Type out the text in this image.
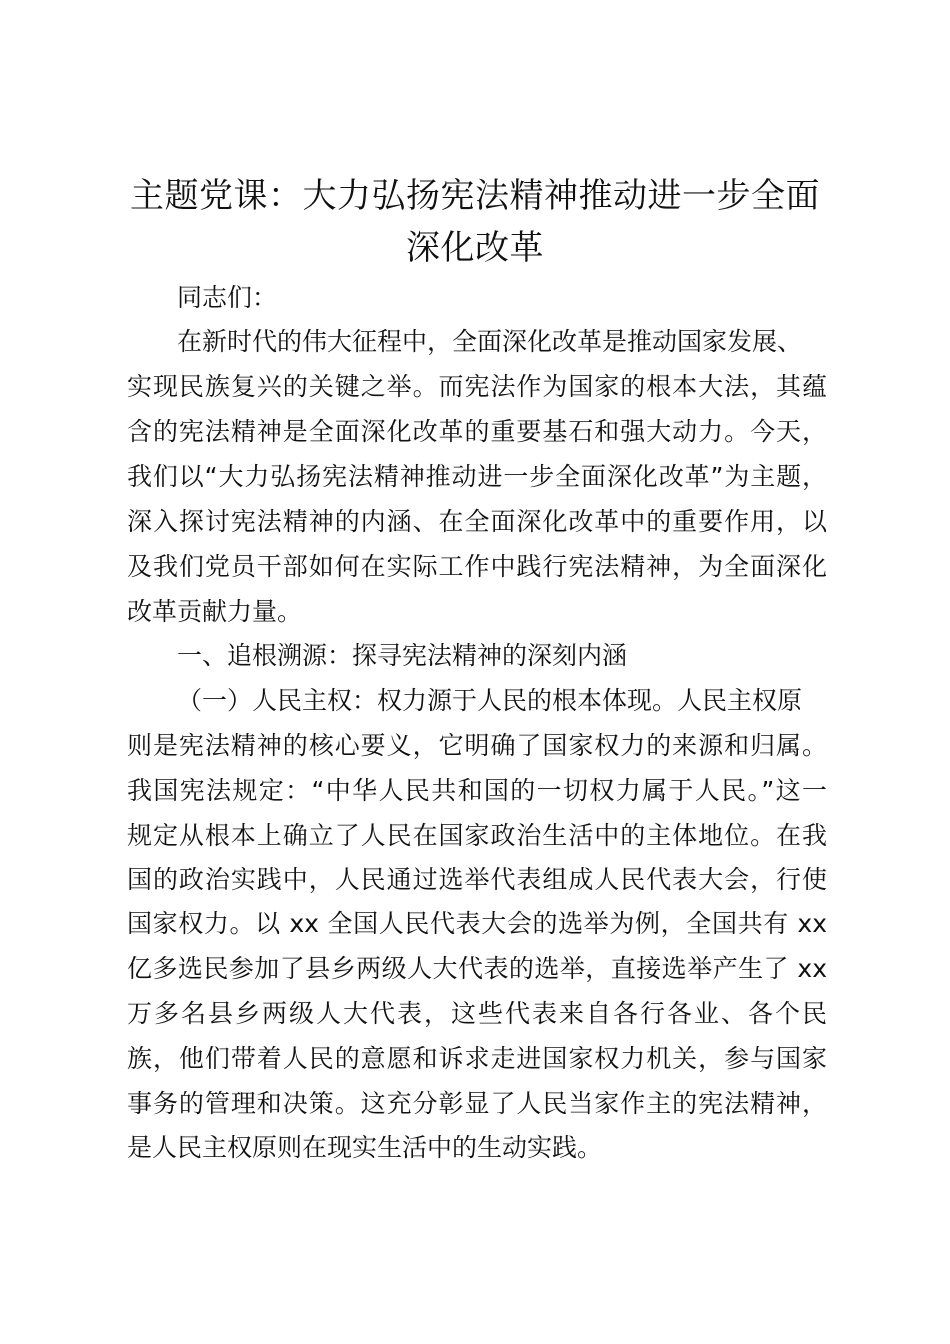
主题党课：大力弘扬宪法精神推动进一步全面
深化改革
同志们：
在新时代的伟大征程中，全面深化改革是推动国家发展、
实现民族复兴的关键之举。而宪法作为国家的根本大法，其蕴
含的宪法精神是全面深化改革的重要基石和强大动力。今天，
我们以“大力弘扬宪法精神推动进一步全面深化改革”为主题，
深入探讨宪法精神的内涵、在全面深化改革中的重要作用，以
及我们党员干部如何在实际工作中践行宪法精神，为全面深化
改革贡献力量。
一、追根溯源：探寻宪法精神的深刻内涵
（一）人民主权：权力源于人民的根本体现。人民主权原
则是宪法精神的核心要义，它明确了国家权力的来源和归属。
我国宪法规定：“中华人民共和国的一切权力属于人民。”这一
规定从根本上确立了人民在国家政治生活中的主体地位。在我
国的政治实践中，人民通过选举代表组成人民代表大会，行使
国家权力。以 xx 全国人民代表大会的选举为例，全国共有 xx
亿多选民参加了县乡两级人大代表的选举，直接选举产生了 xx
万多名县乡两级人大代表，这些代表来自各行各业、各个民
族，他们带着人民的意愿和诉求走进国家权力机关，参与国家
事务的管理和决策。这充分彰显了人民当家作主的宪法精神，
是人民主权原则在现实生活中的生动实践。
